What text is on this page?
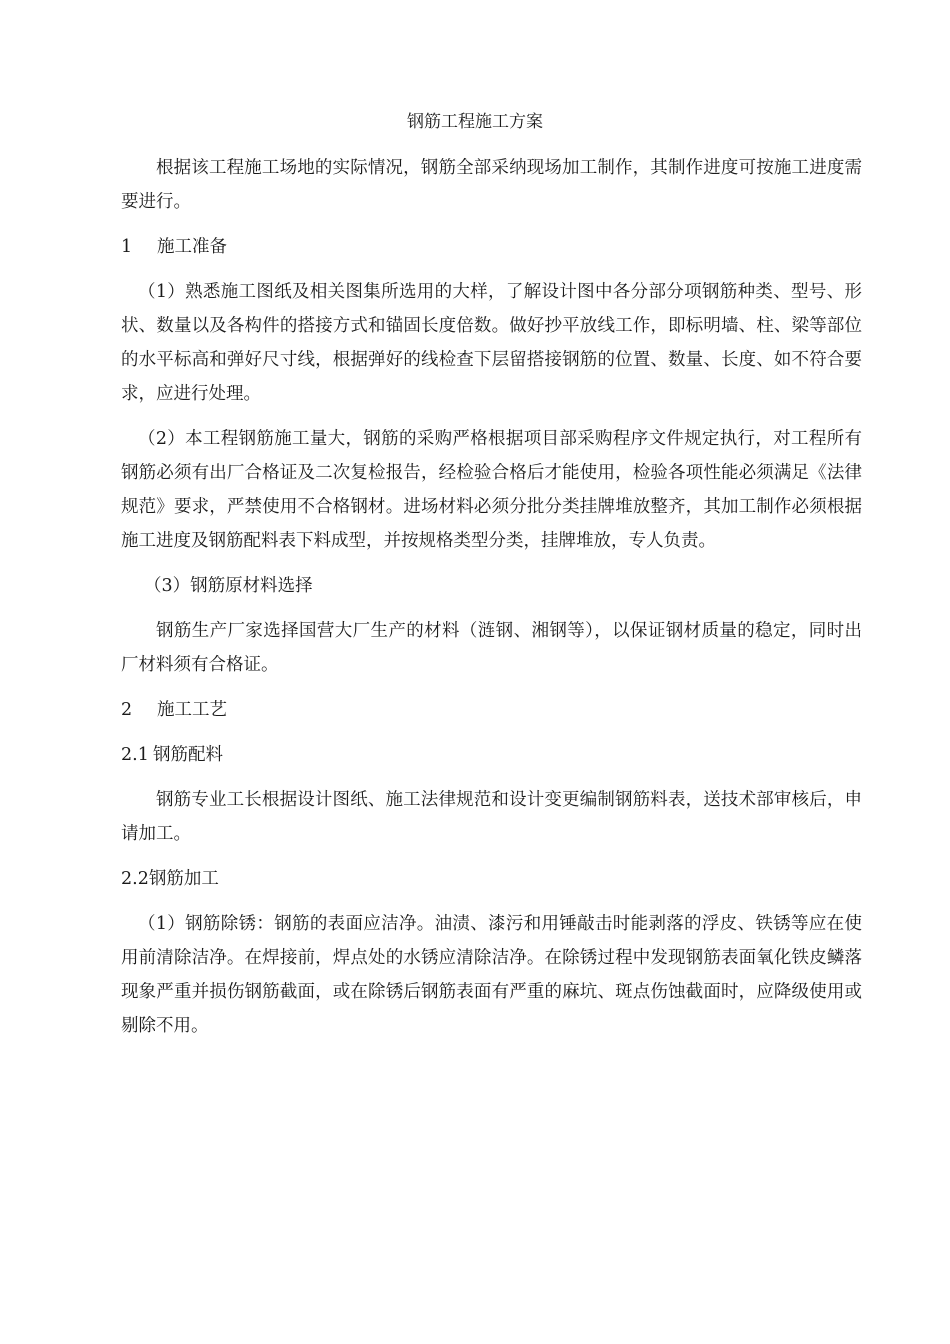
钢筋工程施工方案

根据该工程施工场地的实际情况，钢筋全部采纳现场加工制作，其制作进度可按施工进度需要进行。

1 施工准备

（1）熟悉施工图纸及相关图集所选用的大样，了解设计图中各分部分项钢筋种类、型号、形状、数量以及各构件的搭接方式和锚固长度倍数。做好抄平放线工作，即标明墙、柱、梁等部位的水平标高和弹好尺寸线，根据弹好的线检查下层留搭接钢筋的位置、数量、长度、如不符合要求，应进行处理。

（2）本工程钢筋施工量大，钢筋的采购严格根据项目部采购程序文件规定执行，对工程所有钢筋必须有出厂合格证及二次复检报告，经检验合格后才能使用，检验各项性能必须满足《法律规范》要求，严禁使用不合格钢材。进场材料必须分批分类挂牌堆放整齐，其加工制作必须根据施工进度及钢筋配料表下料成型，并按规格类型分类，挂牌堆放，专人负责。

（3）钢筋原材料选择

钢筋生产厂家选择国营大厂生产的材料（涟钢、湘钢等），以保证钢材质量的稳定，同时出厂材料须有合格证。

2 施工工艺

2.1 钢筋配料

钢筋专业工长根据设计图纸、施工法律规范和设计变更编制钢筋料表，送技术部审核后，申请加工。

2.2钢筋加工

（1）钢筋除锈：钢筋的表面应洁净。油渍、漆污和用锤敲击时能剥落的浮皮、铁锈等应在使用前清除洁净。在焊接前，焊点处的水锈应清除洁净。在除锈过程中发现钢筋表面氧化铁皮鳞落现象严重并损伤钢筋截面，或在除锈后钢筋表面有严重的麻坑、斑点伤蚀截面时，应降级使用或剔除不用。
